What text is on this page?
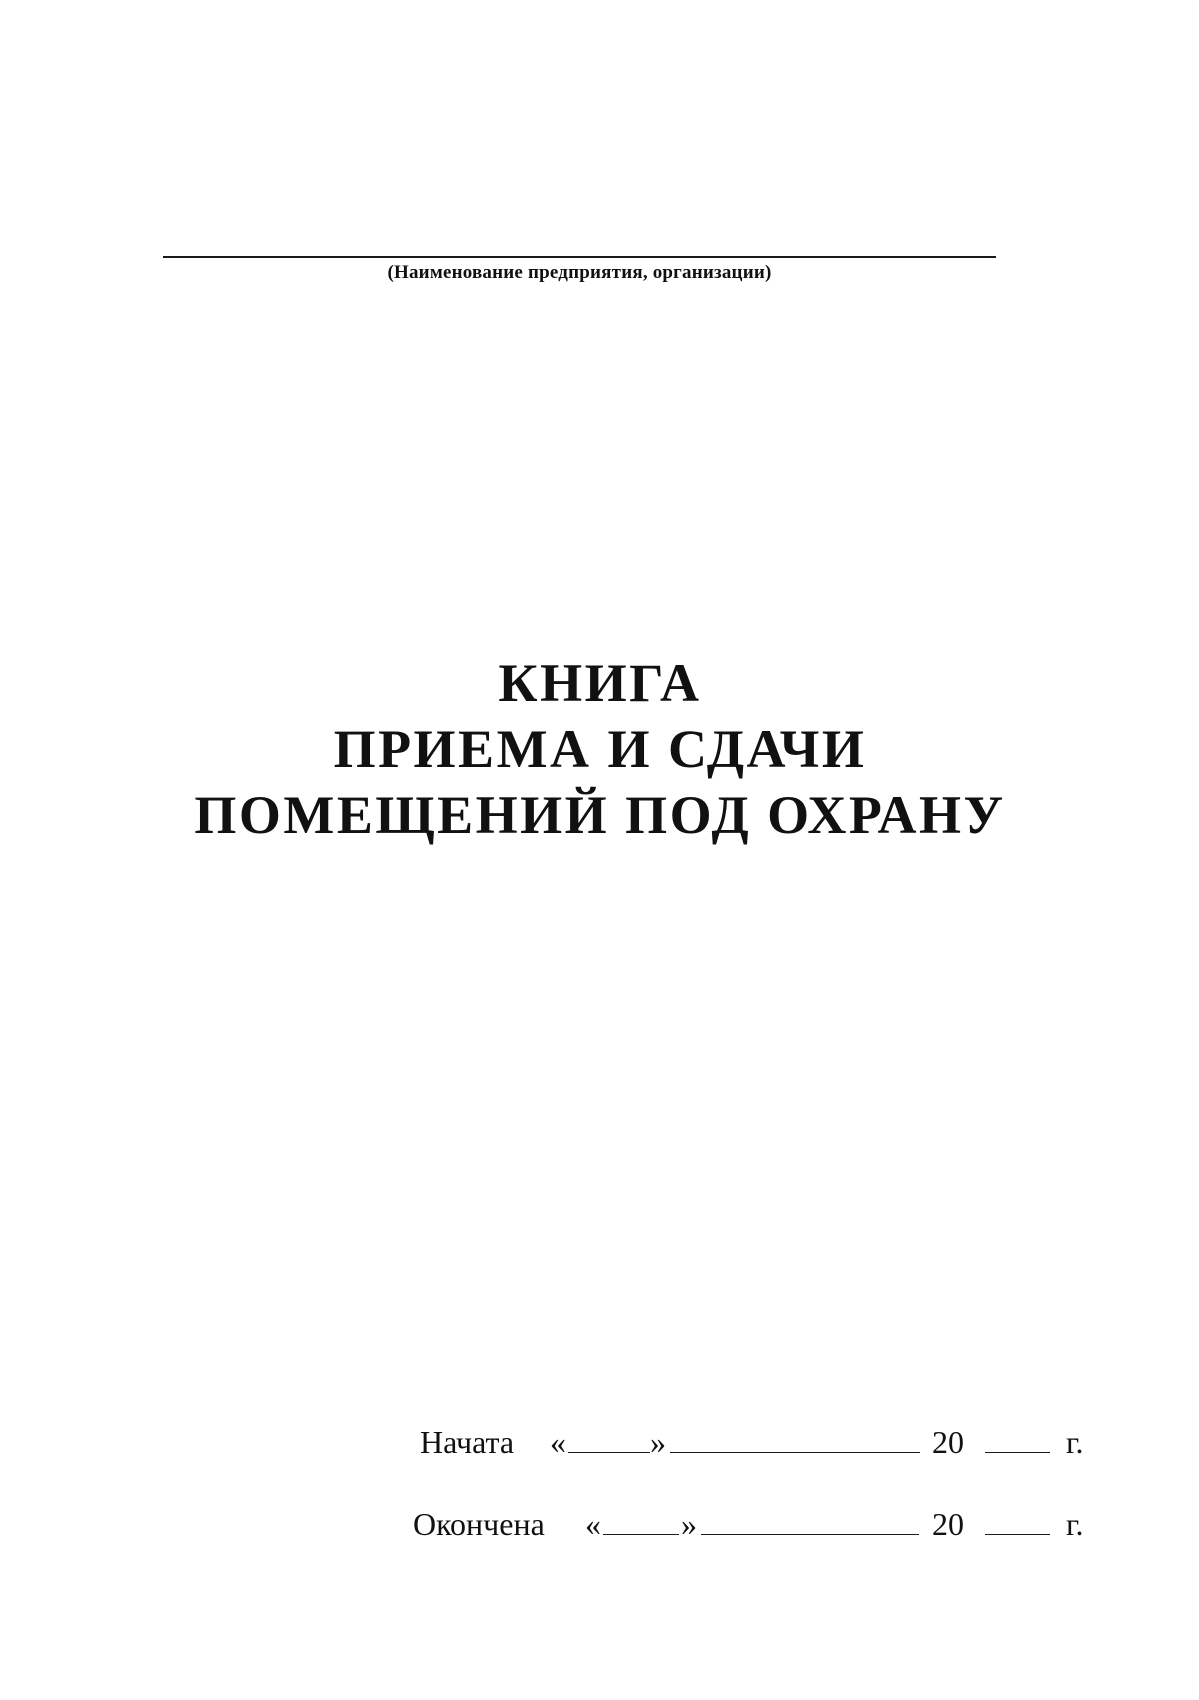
(Наименование предприятия, организации)
КНИГА
ПРИЕМА И СДАЧИ
ПОМЕЩЕНИЙ ПОД ОХРАНУ
Начата «	»	20	г.
Окончена «	»	20	г.
